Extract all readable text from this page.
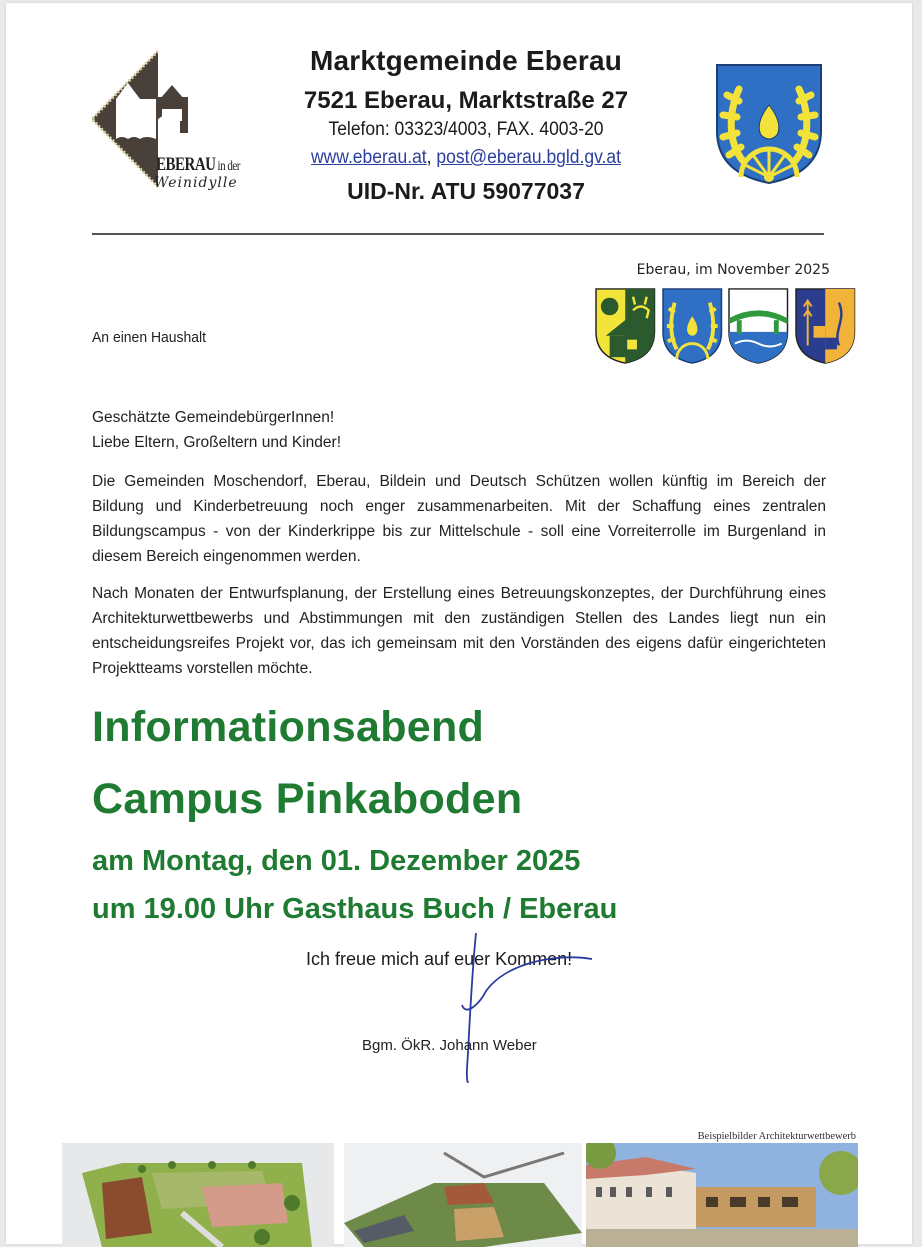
EBERAU in der
Weinidylle
Marktgemeinde Eberau
7521 Eberau, Marktstraße 27
Telefon: 03323/4003, FAX. 4003-20
www.eberau.at, post@eberau.bgld.gv.at
UID-Nr. ATU 59077037
Eberau, im November 2025
An einen Haushalt
Geschätzte GemeindebürgerInnen!
Liebe Eltern, Großeltern und Kinder!
Die Gemeinden Moschendorf, Eberau, Bildein und Deutsch Schützen wollen künftig im Bereich der Bildung und Kinderbetreuung noch enger zusammenarbeiten. Mit der Schaffung eines zentralen Bildungscampus - von der Kinderkrippe bis zur Mittelschule - soll eine Vorreiterrolle im Burgenland in diesem Bereich eingenommen werden.
Nach Monaten der Entwurfsplanung, der Erstellung eines Betreuungskonzeptes, der Durchführung eines Architekturwettbewerbs und Abstimmungen mit den zuständigen Stellen des Landes liegt nun ein entscheidungsreifes Projekt vor, das ich gemeinsam mit den Vorständen des eigens dafür eingerichteten Projektteams vorstellen möchte.
Informationsabend
Campus Pinkaboden
am Montag, den 01. Dezember 2025
um 19.00 Uhr Gasthaus Buch / Eberau
Ich freue mich auf euer Kommen!
Bgm. ÖkR. Johann Weber
Beispielbilder Architekturwettbewerb
